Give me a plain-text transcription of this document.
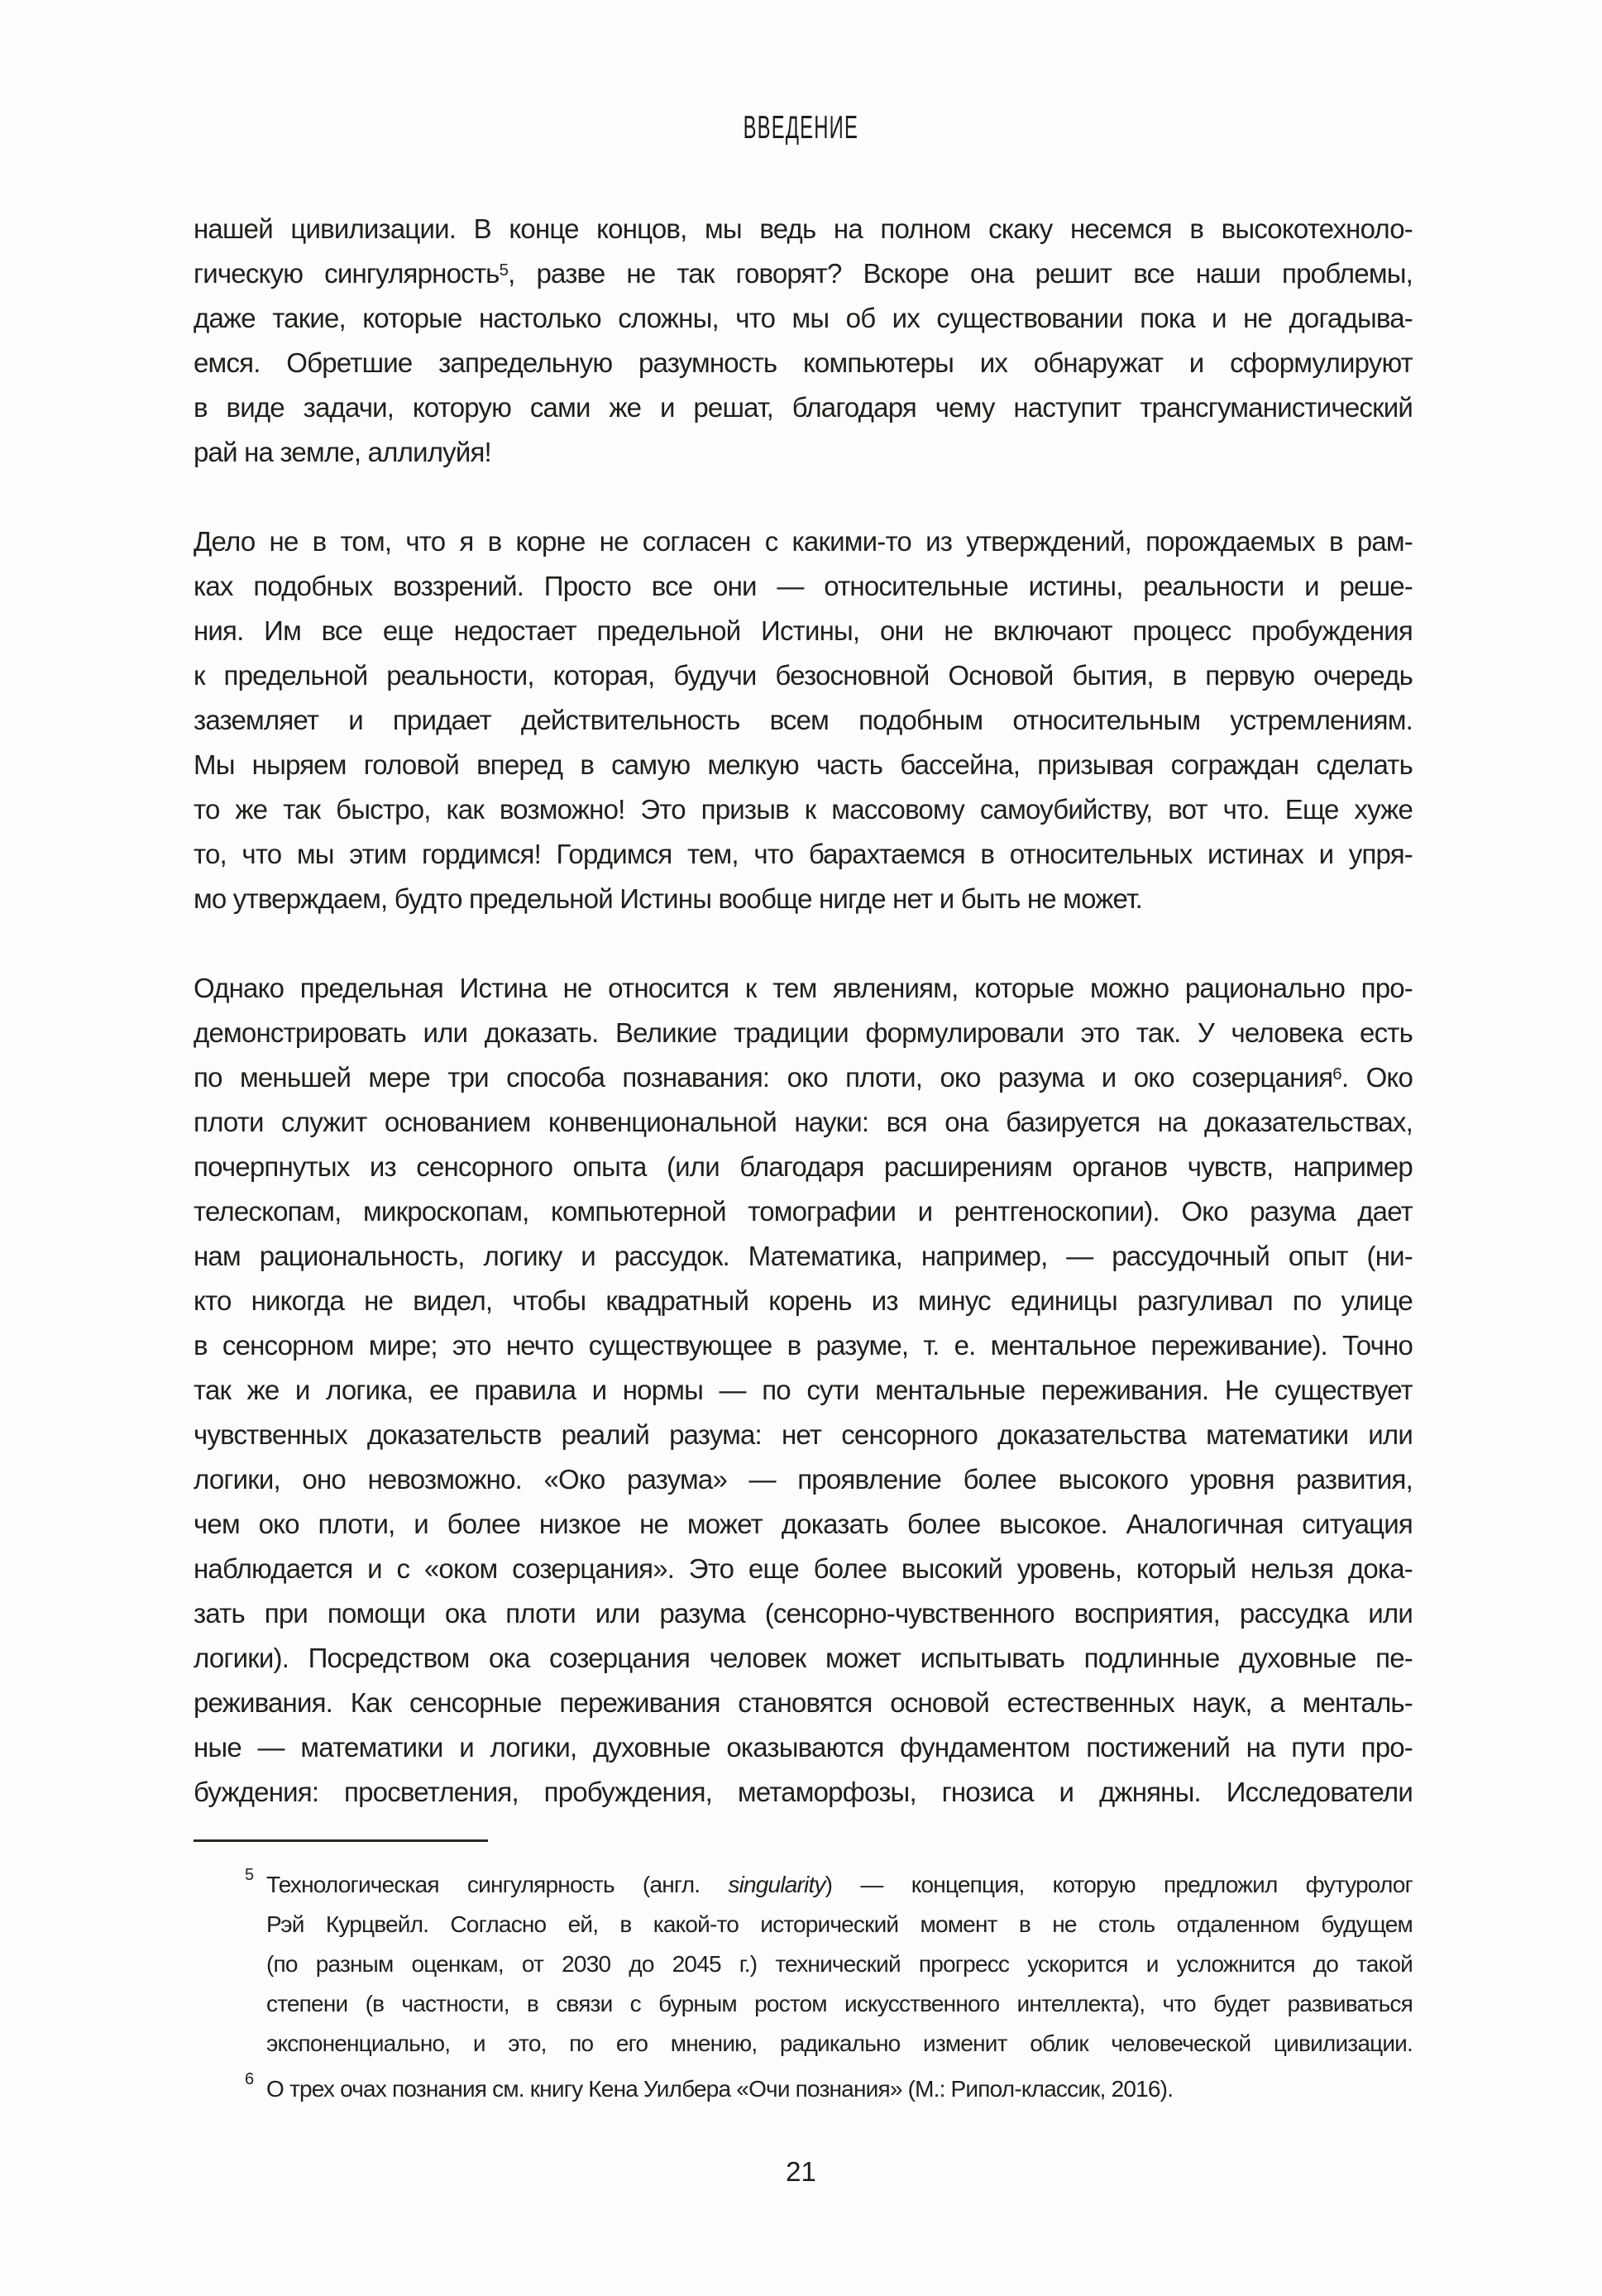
ВВЕДЕНИЕ

нашей цивилизации. В конце концов, мы ведь на полном скаку несемся в высокотехноло-
гическую сингулярность5, разве не так говорят? Вскоре она решит все наши проблемы,
даже такие, которые настолько сложны, что мы об их существовании пока и не догадыва-
емся. Обретшие запредельную разумность компьютеры их обнаружат и сформулируют
в виде задачи, которую сами же и решат, благодаря чему наступит трансгуманистический
рай на земле, аллилуйя!

Дело не в том, что я в корне не согласен с какими-то из утверждений, порождаемых в рам-
ках подобных воззрений. Просто все они — относительные истины, реальности и реше-
ния. Им все еще недостает предельной Истины, они не включают процесс пробуждения
к предельной реальности, которая, будучи безосновной Основой бытия, в первую очередь
заземляет и придает действительность всем подобным относительным устремлениям.
Мы ныряем головой вперед в самую мелкую часть бассейна, призывая сограждан сделать
то же так быстро, как возможно! Это призыв к массовому самоубийству, вот что. Еще хуже
то, что мы этим гордимся! Гордимся тем, что барахтаемся в относительных истинах и упря-
мо утверждаем, будто предельной Истины вообще нигде нет и быть не может.

Однако предельная Истина не относится к тем явлениям, которые можно рационально про-
демонстрировать или доказать. Великие традиции формулировали это так. У человека есть
по меньшей мере три способа познавания: око плоти, око разума и око созерцания6. Око
плоти служит основанием конвенциональной науки: вся она базируется на доказательствах,
почерпнутых из сенсорного опыта (или благодаря расширениям органов чувств, например
телескопам, микроскопам, компьютерной томографии и рентгеноскопии). Око разума дает
нам рациональность, логику и рассудок. Математика, например, — рассудочный опыт (ни-
кто никогда не видел, чтобы квадратный корень из минус единицы разгуливал по улице
в сенсорном мире; это нечто существующее в разуме, т. е. ментальное переживание). Точно
так же и логика, ее правила и нормы — по сути ментальные переживания. Не существует
чувственных доказательств реалий разума: нет сенсорного доказательства математики или
логики, оно невозможно. «Око разума» — проявление более высокого уровня развития,
чем око плоти, и более низкое не может доказать более высокое. Аналогичная ситуация
наблюдается и с «оком созерцания». Это еще более высокий уровень, который нельзя дока-
зать при помощи ока плоти или разума (сенсорно-чувственного восприятия, рассудка или
логики). Посредством ока созерцания человек может испытывать подлинные духовные пе-
реживания. Как сенсорные переживания становятся основой естественных наук, а менталь-
ные — математики и логики, духовные оказываются фундаментом постижений на пути про-
буждения: просветления, пробуждения, метаморфозы, гнозиса и джняны. Исследователи

5 Технологическая сингулярность (англ. singularity) — концепция, которую предложил футуролог
Рэй Курцвейл. Согласно ей, в какой-то исторический момент в не столь отдаленном будущем
(по разным оценкам, от 2030 до 2045 г.) технический прогресс ускорится и усложнится до такой
степени (в частности, в связи с бурным ростом искусственного интеллекта), что будет развиваться
экспоненциально, и это, по его мнению, радикально изменит облик человеческой цивилизации.
6 О трех очах познания см. книгу Кена Уилбера «Очи познания» (М.: Рипол-классик, 2016).
21
